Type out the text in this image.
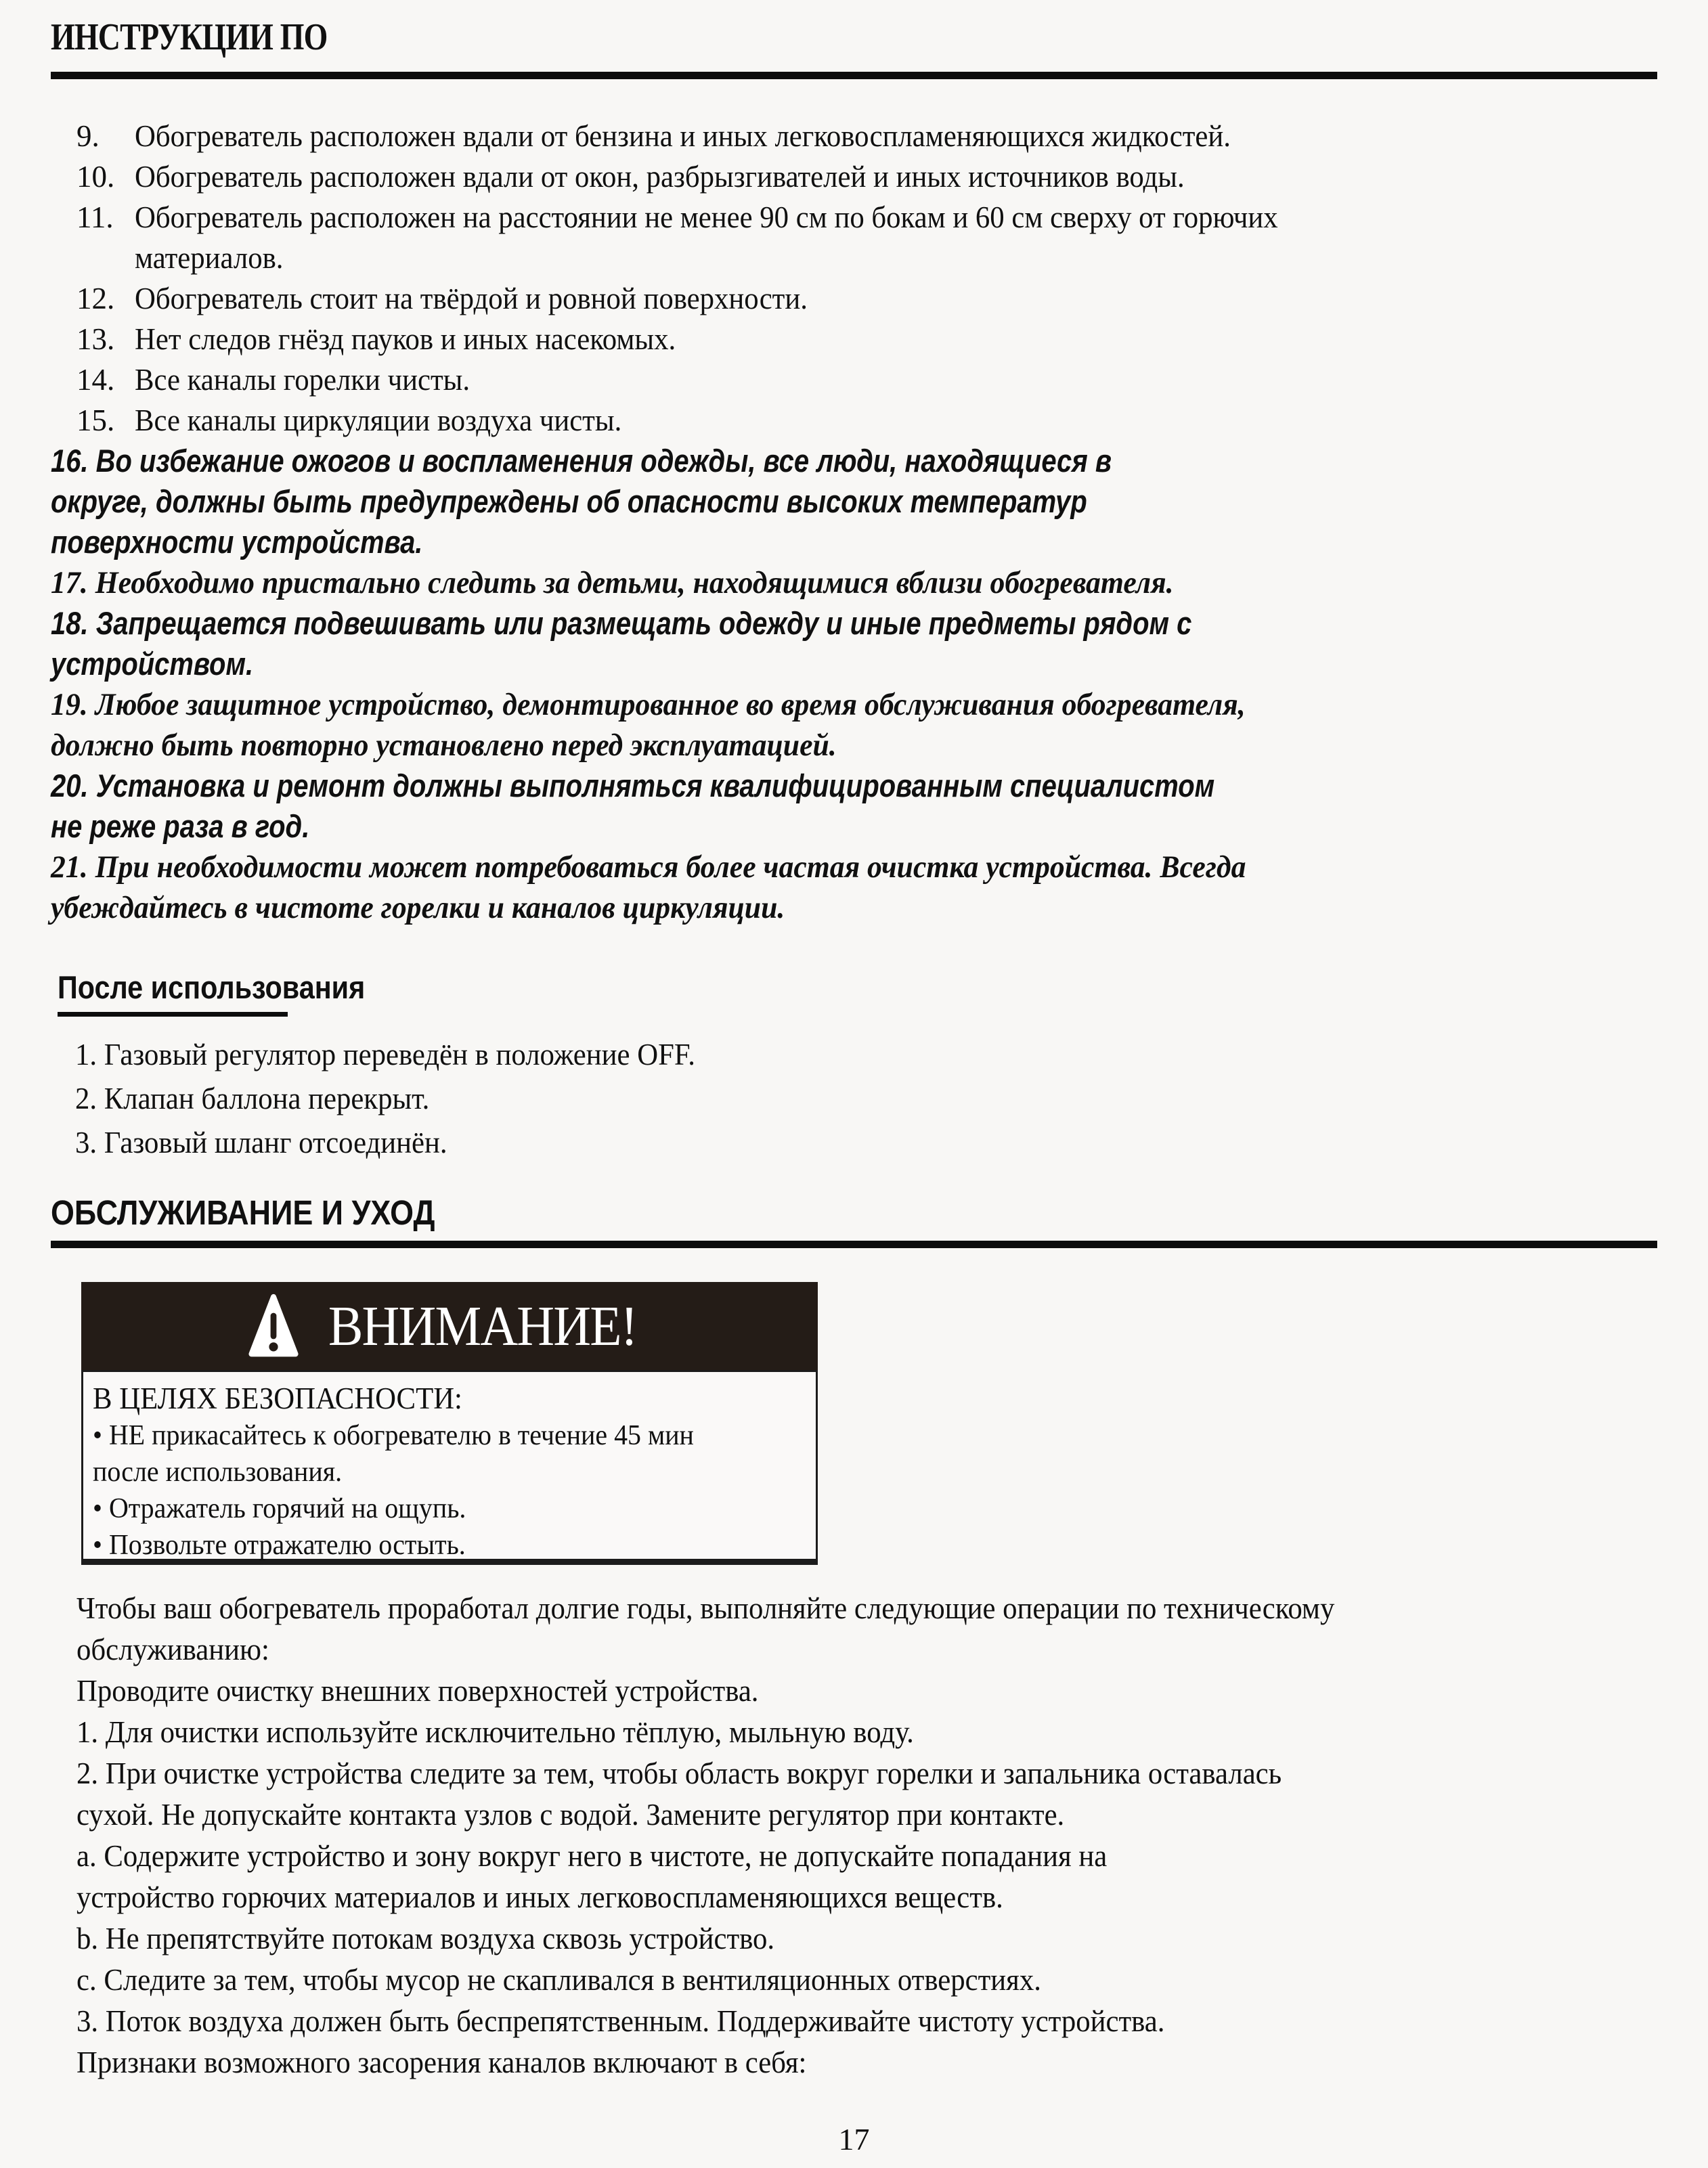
ИНСТРУКЦИИ ПО
9.	Обогреватель расположен вдали от бензина и иных легковоспламеняющихся жидкостей.
10. Обогреватель расположен вдали от окон, разбрызгивателей и иных источников воды.
11. Обогреватель расположен на расстоянии не менее 90 см по бокам и 60 см сверху от горючих
материалов.
12. Обогреватель стоит на твёрдой и ровной поверхности.
13. Нет следов гнёзд пауков и иных насекомых.
14. Все каналы горелки чисты.
15. Все каналы циркуляции воздуха чисты.
16. Во избежание ожогов и воспламенения одежды, все люди, находящиеся в
округе, должны быть предупреждены об опасности высоких температур
поверхности устройства.
17. Необходимо пристально следить за детьми, находящимися вблизи обогревателя.
18. Запрещается подвешивать или размещать одежду и иные предметы рядом с
устройством.
19. Любое защитное устройство, демонтированное во время обслуживания обогревателя,
должно быть повторно установлено перед эксплуатацией.
20. Установка и ремонт должны выполняться квалифицированным специалистом
не реже раза в год.
21. При необходимости может потребоваться более частая очистка устройства. Всегда
убеждайтесь в чистоте горелки и каналов циркуляции.
После использования
1. Газовый регулятор переведён в положение OFF.
2. Клапан баллона перекрыт.
3. Газовый шланг отсоединён.
ОБСЛУЖИВАНИЕ И УХОД
ВНИМАНИЕ!
В ЦЕЛЯХ БЕЗОПАСНОСТИ:
• НЕ прикасайтесь к обогревателю в течение 45 мин
после использования.
• Отражатель горячий на ощупь.
• Позвольте отражателю остыть.
Чтобы ваш обогреватель проработал долгие годы, выполняйте следующие операции по техническому
обслуживанию:
Проводите очистку внешних поверхностей устройства.
1. Для очистки используйте исключительно тёплую, мыльную воду.
2. При очистке устройства следите за тем, чтобы область вокруг горелки и запальника оставалась
сухой. Не допускайте контакта узлов с водой. Замените регулятор при контакте.
a. Содержите устройство и зону вокруг него в чистоте, не допускайте попадания на
устройство горючих материалов и иных легковоспламеняющихся веществ.
b. Не препятствуйте потокам воздуха сквозь устройство.
c. Следите за тем, чтобы мусор не скапливался в вентиляционных отверстиях.
3. Поток воздуха должен быть беспрепятственным. Поддерживайте чистоту устройства.
Признаки возможного засорения каналов включают в себя:
17
